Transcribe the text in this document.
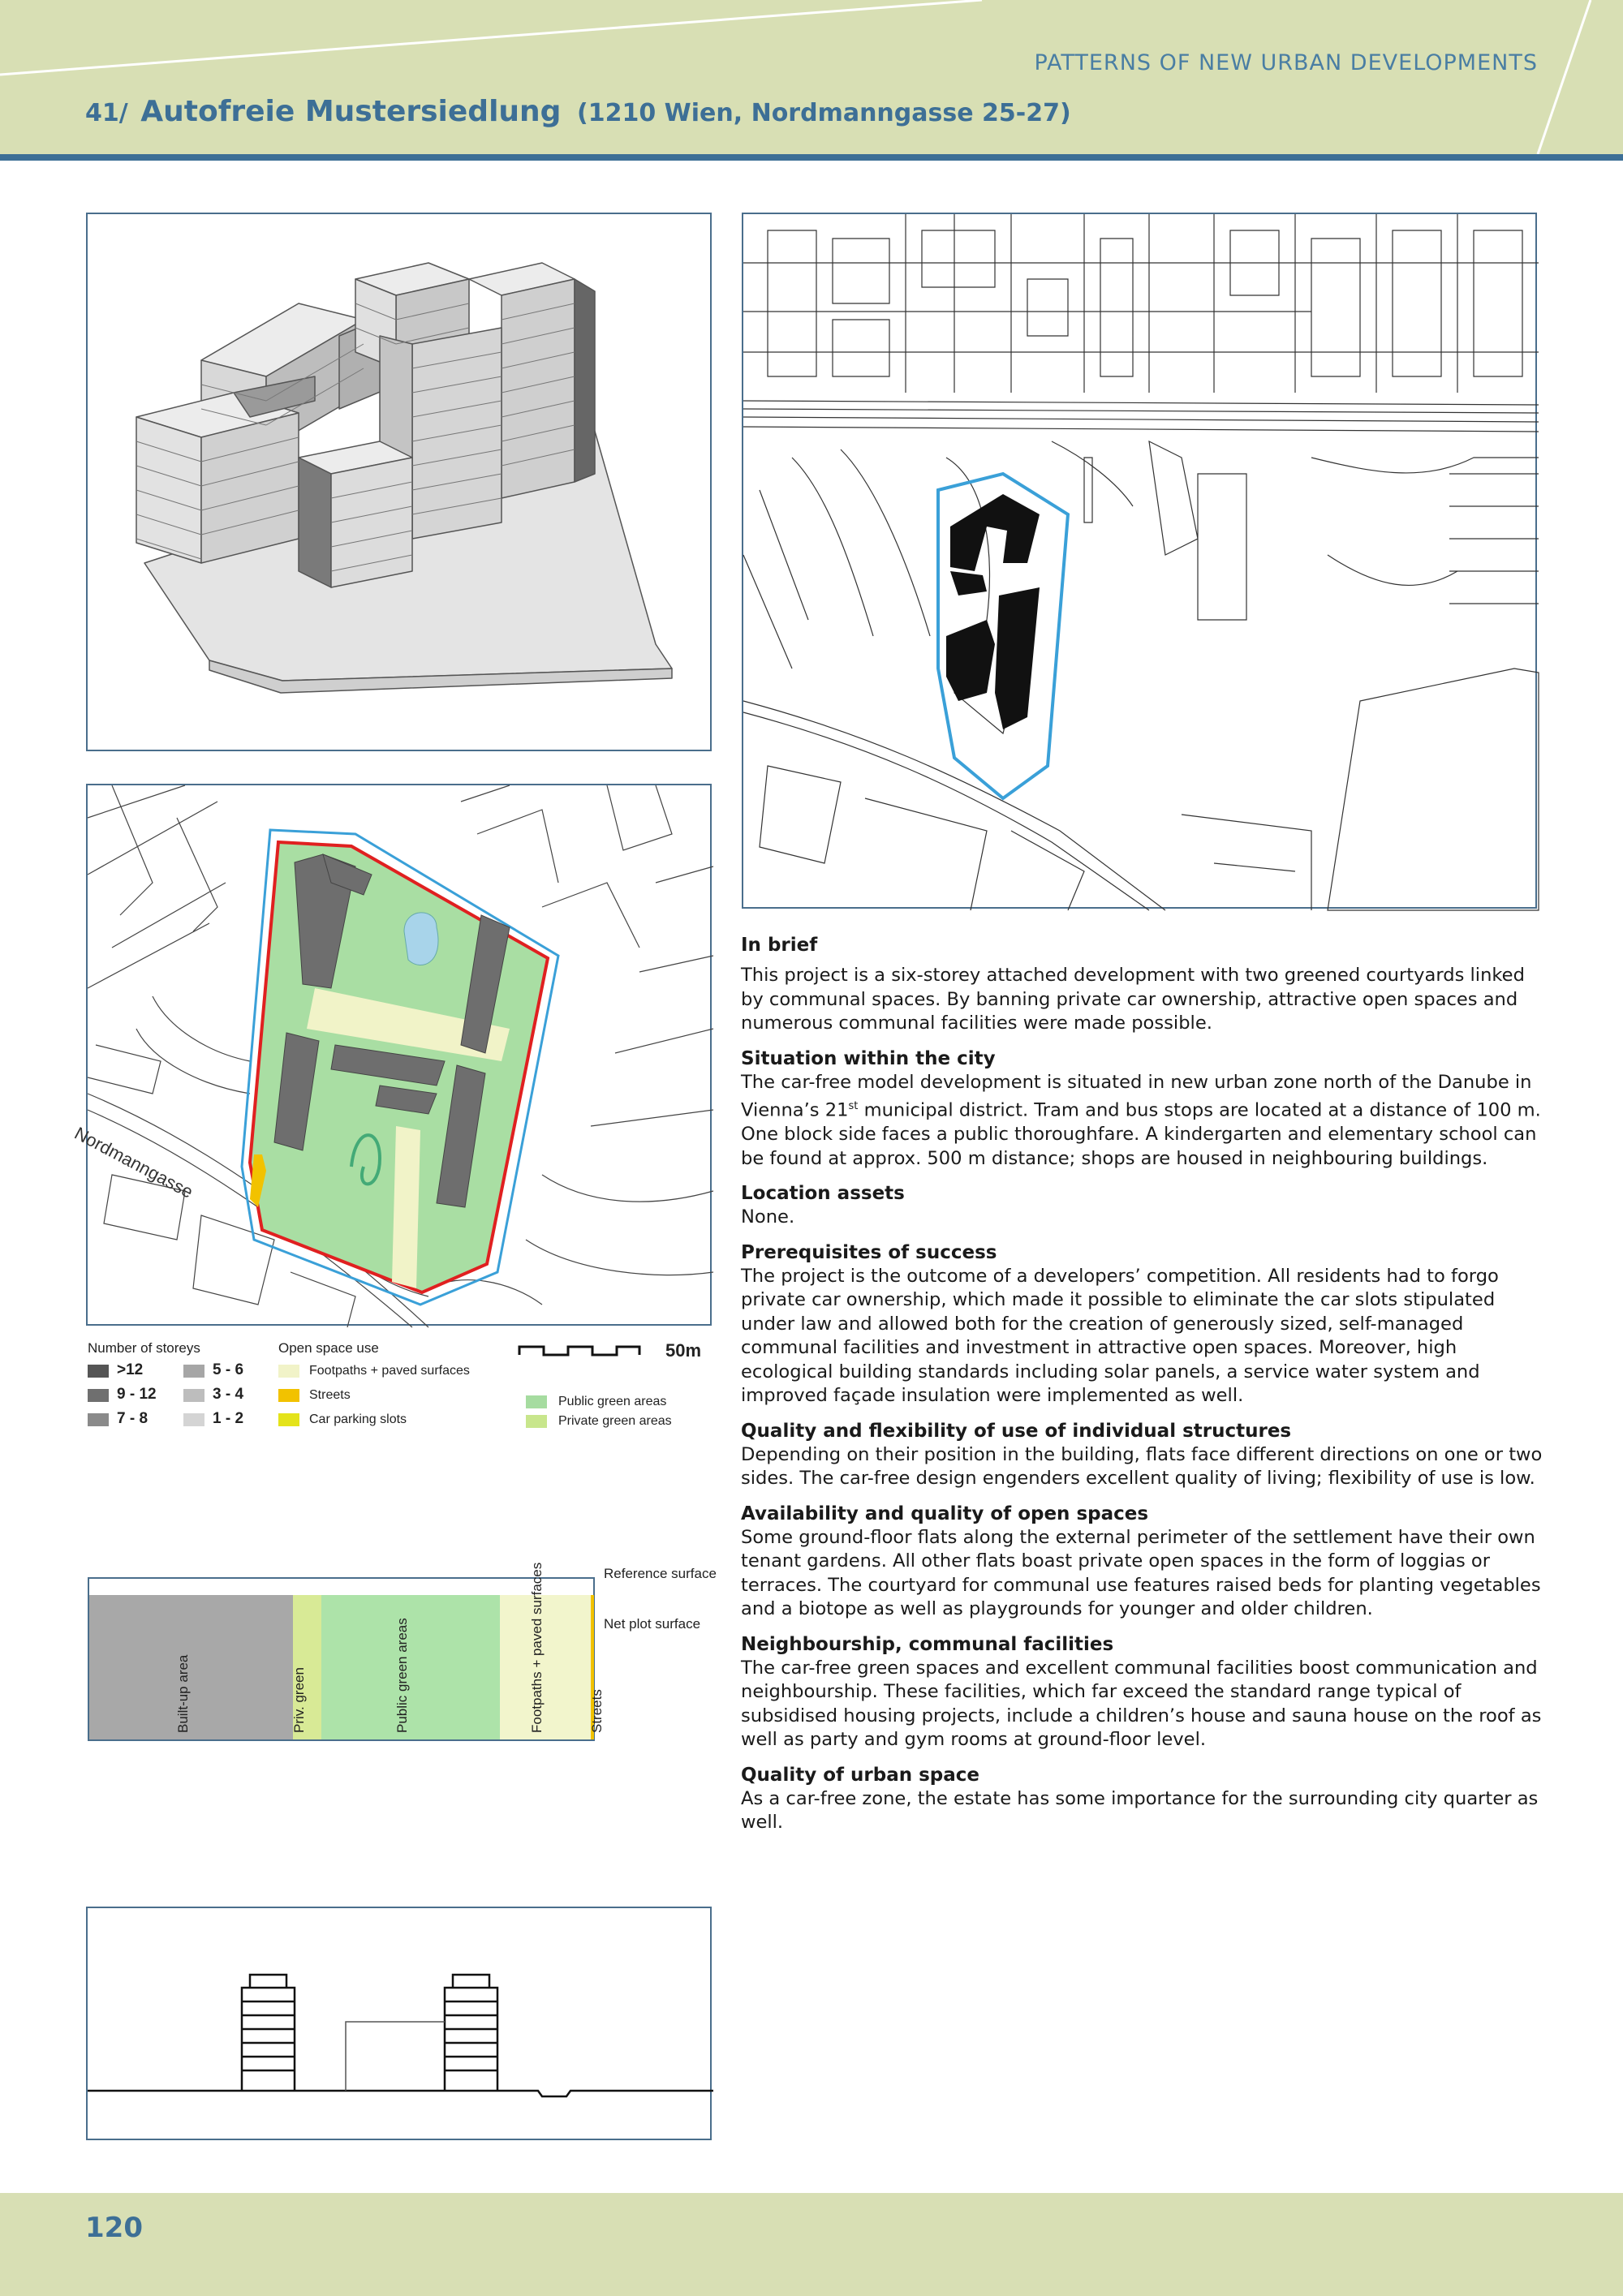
PATTERNS OF NEW URBAN DEVELOPMENTS
41/ Autofreie Mustersiedlung (1210 Wien, Nordmanngasse 25-27)
Nordmanngasse
Number of storeys
>12
9 - 12
7 - 8
5 - 6
3 - 4
1 - 2
Open space use
Footpaths + paved surfaces
Streets
Car parking slots
Public green areas
Private green areas
50m
Built-up area	Priv. green	Public green areas	Footpaths + paved surfaces	Streets
Reference surface
Net plot surface
In brief

This project is a six-storey attached development with two greened courtyards linked by communal spaces. By banning private car ownership, attractive open spaces and numerous communal facilities were made possible.

Situation within the city

The car-free model development is situated in new urban zone north of the Danube in Vienna’s 21st municipal district. Tram and bus stops are located at a distance of 100 m. One block side faces a public thoroughfare. A kindergarten and elementary school can be found at approx. 500 m distance; shops are housed in neighbouring buildings.

Location assets

None.

Prerequisites of success

The project is the outcome of a developers’ competition. All residents had to forgo private car ownership, which made it possible to eliminate the car slots stipulated under law and allowed both for the creation of generously sized, self-managed communal facilities and investment in attractive open spaces. Moreover, high ecological building standards including solar panels, a service water system and improved façade insulation were implemented as well.

Quality and flexibility of use of individual structures

Depending on their position in the building, flats face different directions on one or two sides. The car-free design engenders excellent quality of living; flexibility of use is low.

Availability and quality of open spaces

Some ground-floor flats along the external perimeter of the settlement have their own tenant gardens. All other flats boast private open spaces in the form of loggias or terraces. The courtyard for communal use features raised beds for planting vegetables and a biotope as well as playgrounds for younger and older children.

Neighbourship, communal facilities

The car-free green spaces and excellent communal facilities boost communication and neighbourship. These facilities, which far exceed the standard range typical of subsidised housing projects, include a children’s house and sauna house on the roof as well as party and gym rooms at ground-floor level.

Quality of urban space

As a car-free zone, the estate has some importance for the surrounding city quarter as well.

120
